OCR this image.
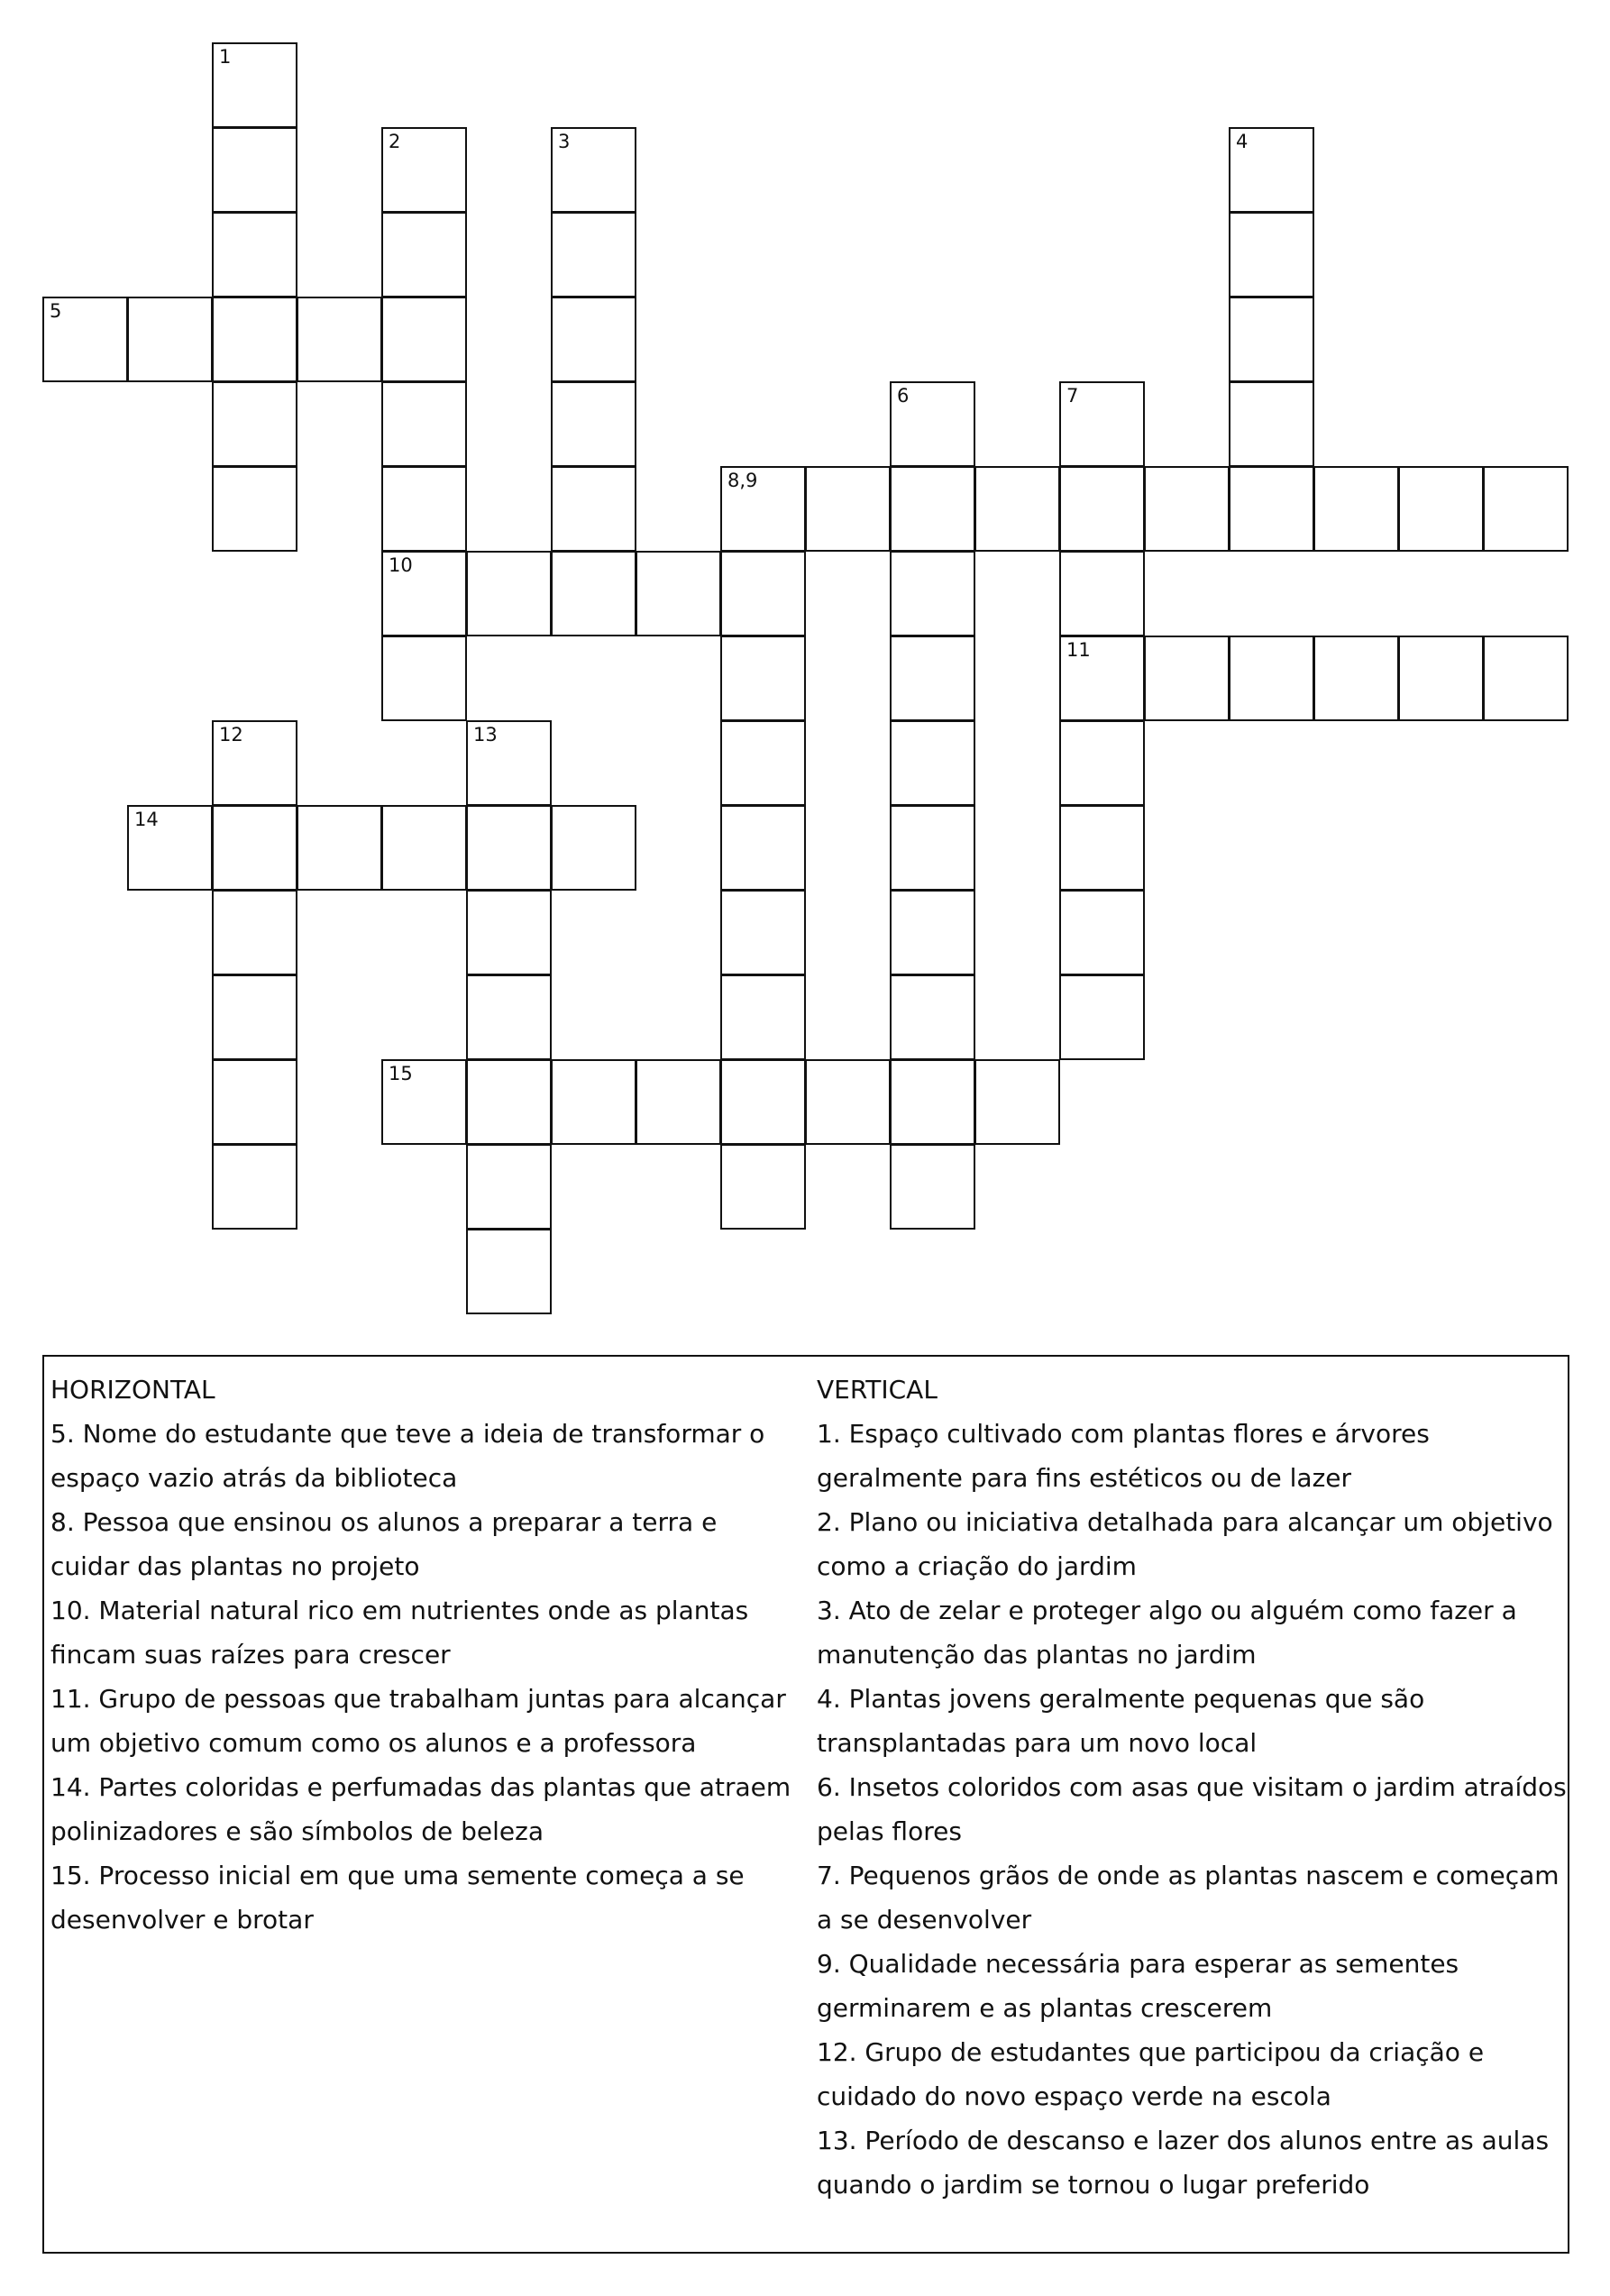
1
2	3	4
5
6	7
8,9
10
11
12	13
14
15
HORIZONTAL
5. Nome do estudante que teve a ideia de transformar o espaço vazio atrás da biblioteca
8. Pessoa que ensinou os alunos a preparar a terra e cuidar das plantas no projeto
10. Material natural rico em nutrientes onde as plantas fincam suas raízes para crescer
11. Grupo de pessoas que trabalham juntas para alcançar um objetivo comum como os alunos e a professora
14. Partes coloridas e perfumadas das plantas que atraem polinizadores e são símbolos de beleza
15. Processo inicial em que uma semente começa a se desenvolver e brotar
VERTICAL
1. Espaço cultivado com plantas flores e árvores geralmente para fins estéticos ou de lazer
2. Plano ou iniciativa detalhada para alcançar um objetivo como a criação do jardim
3. Ato de zelar e proteger algo ou alguém como fazer a manutenção das plantas no jardim
4. Plantas jovens geralmente pequenas que são transplantadas para um novo local
6. Insetos coloridos com asas que visitam o jardim atraídos pelas flores
7. Pequenos grãos de onde as plantas nascem e começam a se desenvolver
9. Qualidade necessária para esperar as sementes germinarem e as plantas crescerem
12. Grupo de estudantes que participou da criação e cuidado do novo espaço verde na escola
13. Período de descanso e lazer dos alunos entre as aulas quando o jardim se tornou o lugar preferido
